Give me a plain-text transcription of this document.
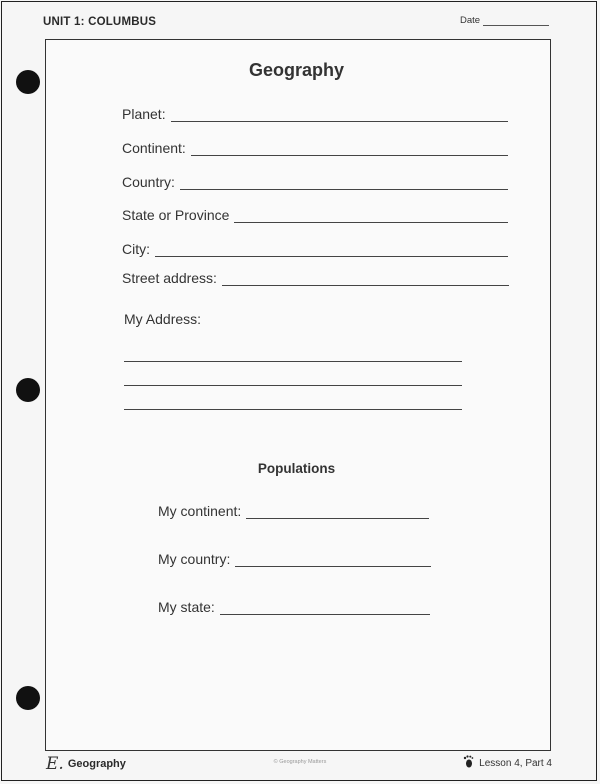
UNIT 1: COLUMBUS	Date
Geography
Planet:
Continent:
Country:
State or Province
City:
Street address:
My Address:
Populations
My continent:
My country:
My state:
E. Geography	© Geography Matters	Lesson 4, Part 4
